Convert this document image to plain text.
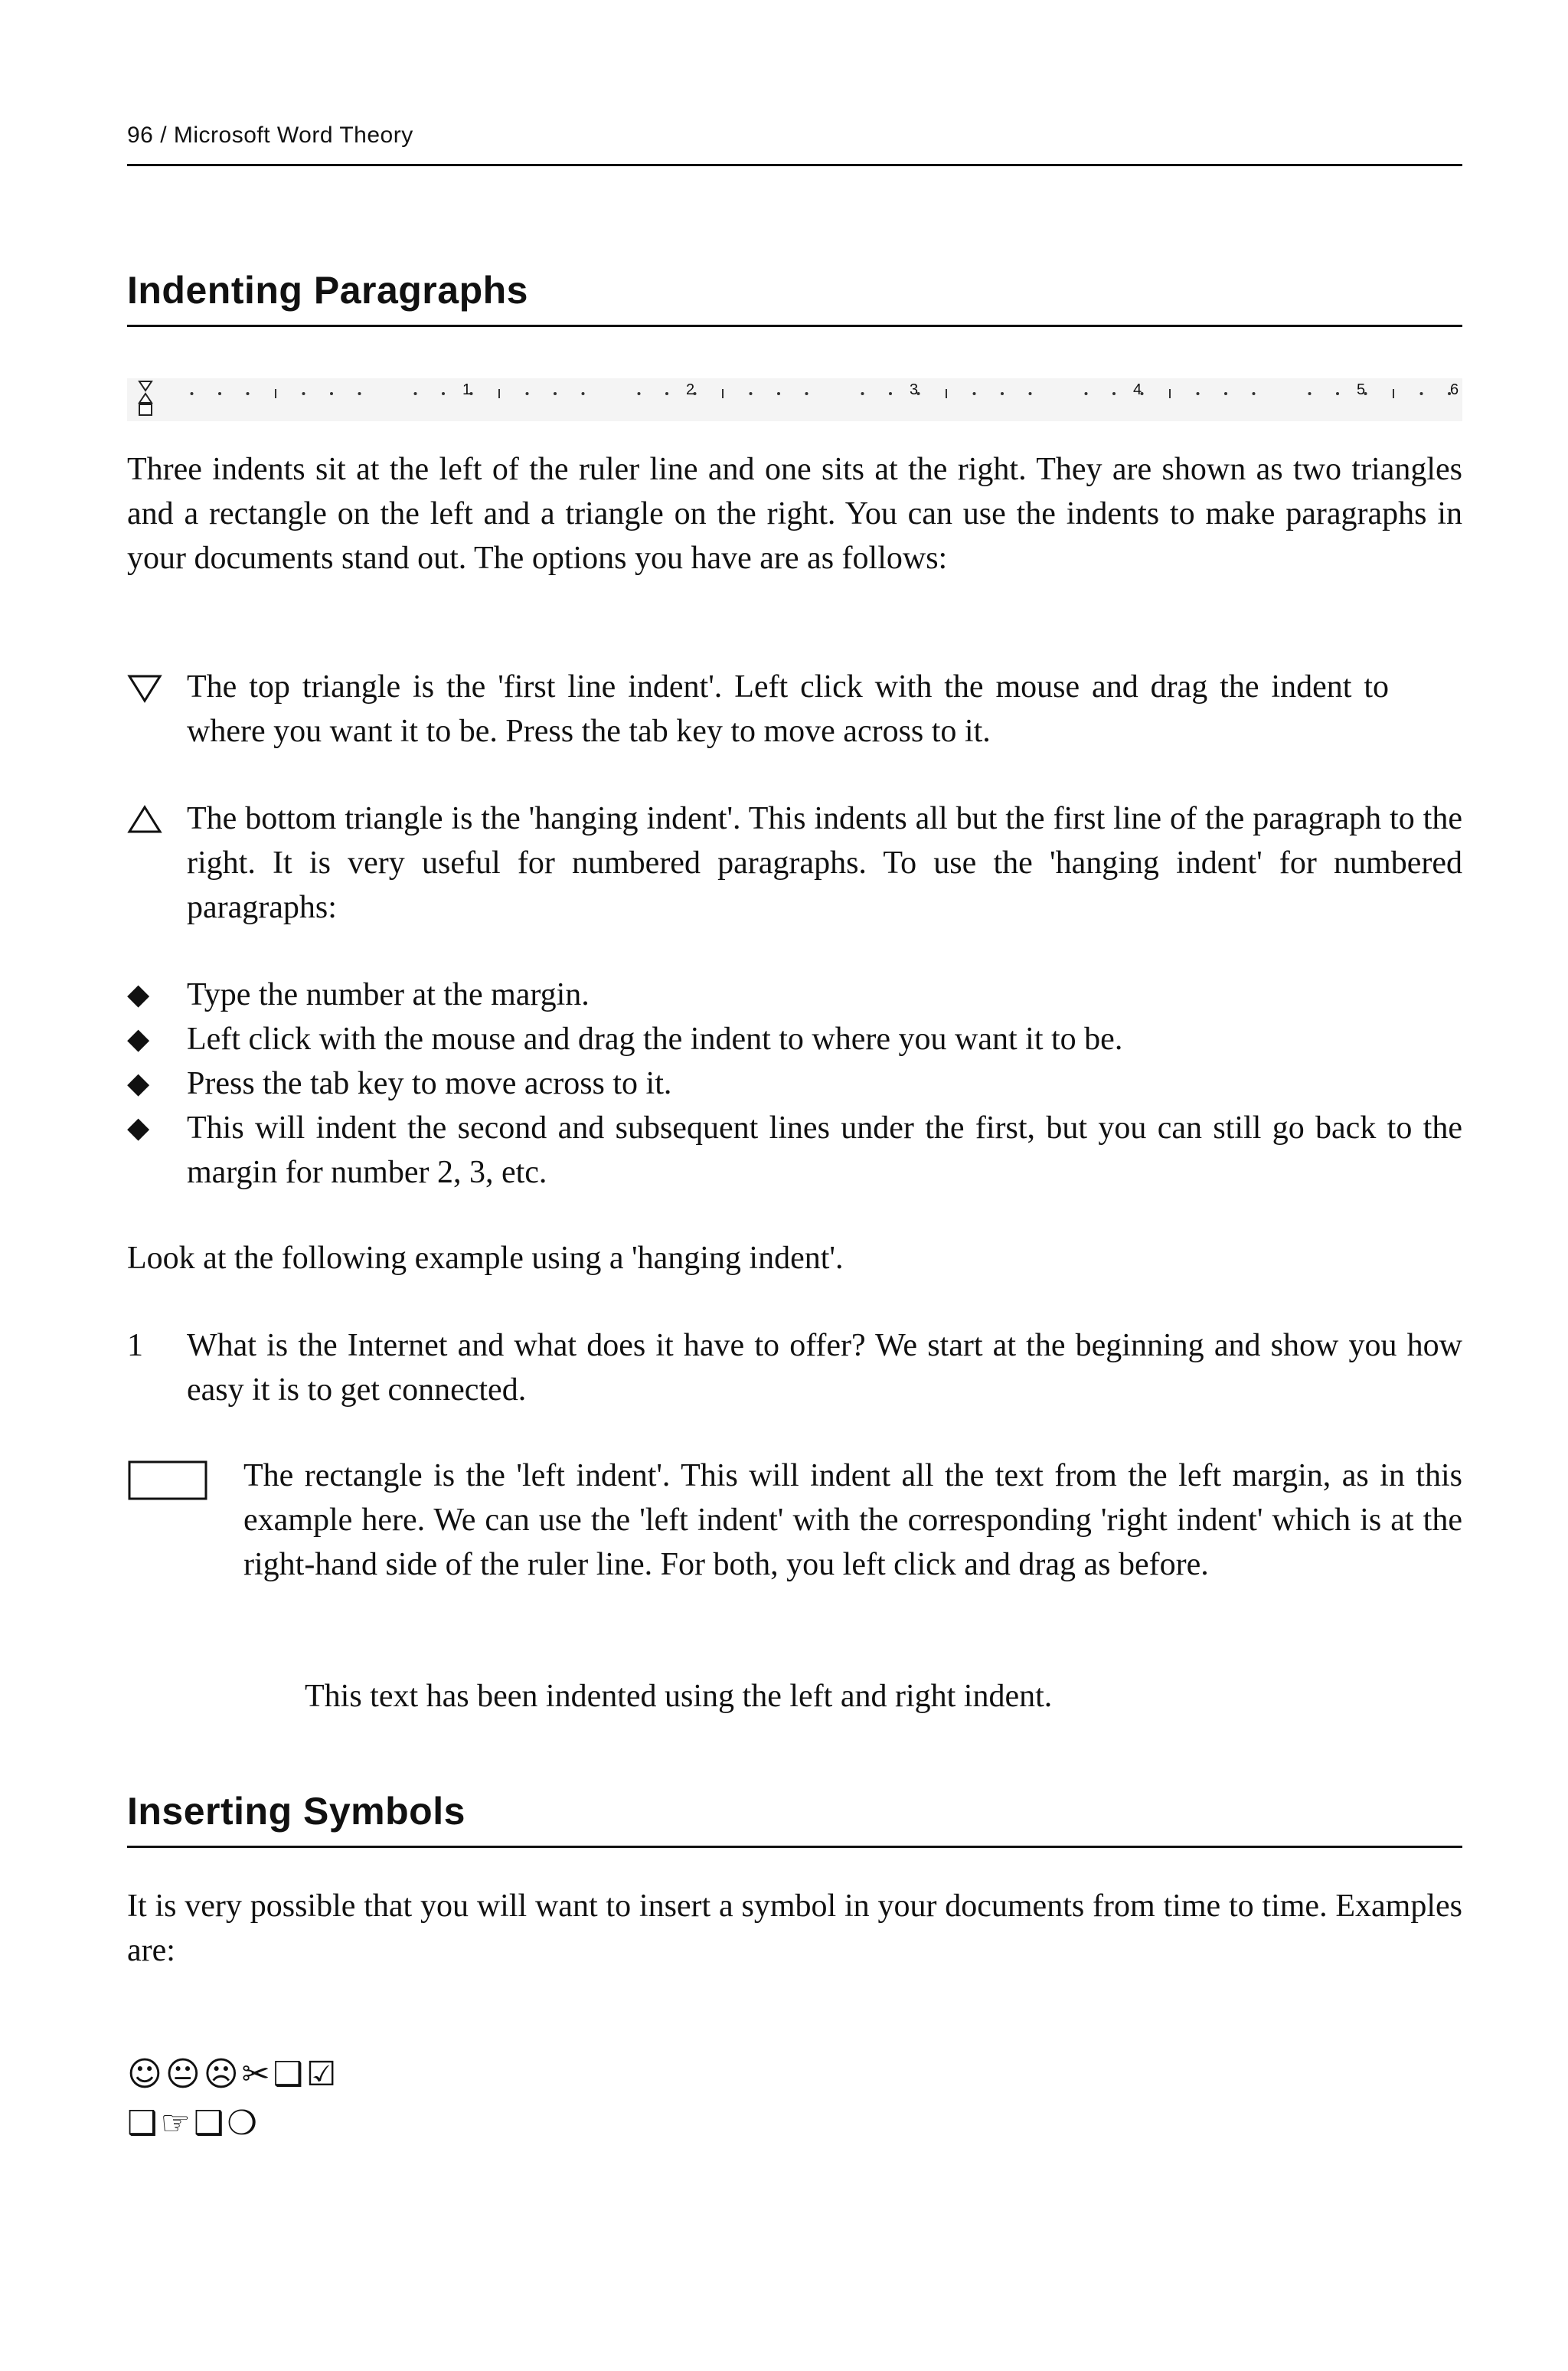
96 / Microsoft Word Theory
Indenting Paragraphs
1	2	3	4	5	6
Three indents sit at the left of the ruler line and one sits at the right. They are shown as two triangles and a rectangle on the left and a triangle on the right. You can use the indents to make paragraphs in your documents stand out. The options you have are as follows:
The top triangle is the 'first line indent'. Left click with the mouse and drag the indent to where you want it to be. Press the tab key to move across to it.
The bottom triangle is the 'hanging indent'. This indents all but the first line of the paragraph to the right. It is very useful for numbered paragraphs. To use the 'hanging indent' for numbered paragraphs:
◆ Type the number at the margin.
◆ Left click with the mouse and drag the indent to where you want it to be.
◆ Press the tab key to move across to it.
◆ This will indent the second and subsequent lines under the first, but you can still go back to the margin for number 2, 3, etc.
Look at the following example using a 'hanging indent'.
1 What is the Internet and what does it have to offer? We start at the beginning and show you how easy it is to get connected.
The rectangle is the 'left indent'. This will indent all the text from the left margin, as in this example here. We can use the 'left indent' with the corresponding 'right indent' which is at the right-hand side of the ruler line. For both, you left click and drag as before.
This text has been indented using the left and right indent.
Inserting Symbols
It is very possible that you will want to insert a symbol in your documents from time to time. Examples are:
☺😐☹✂❑☑
❑☞❑❍
